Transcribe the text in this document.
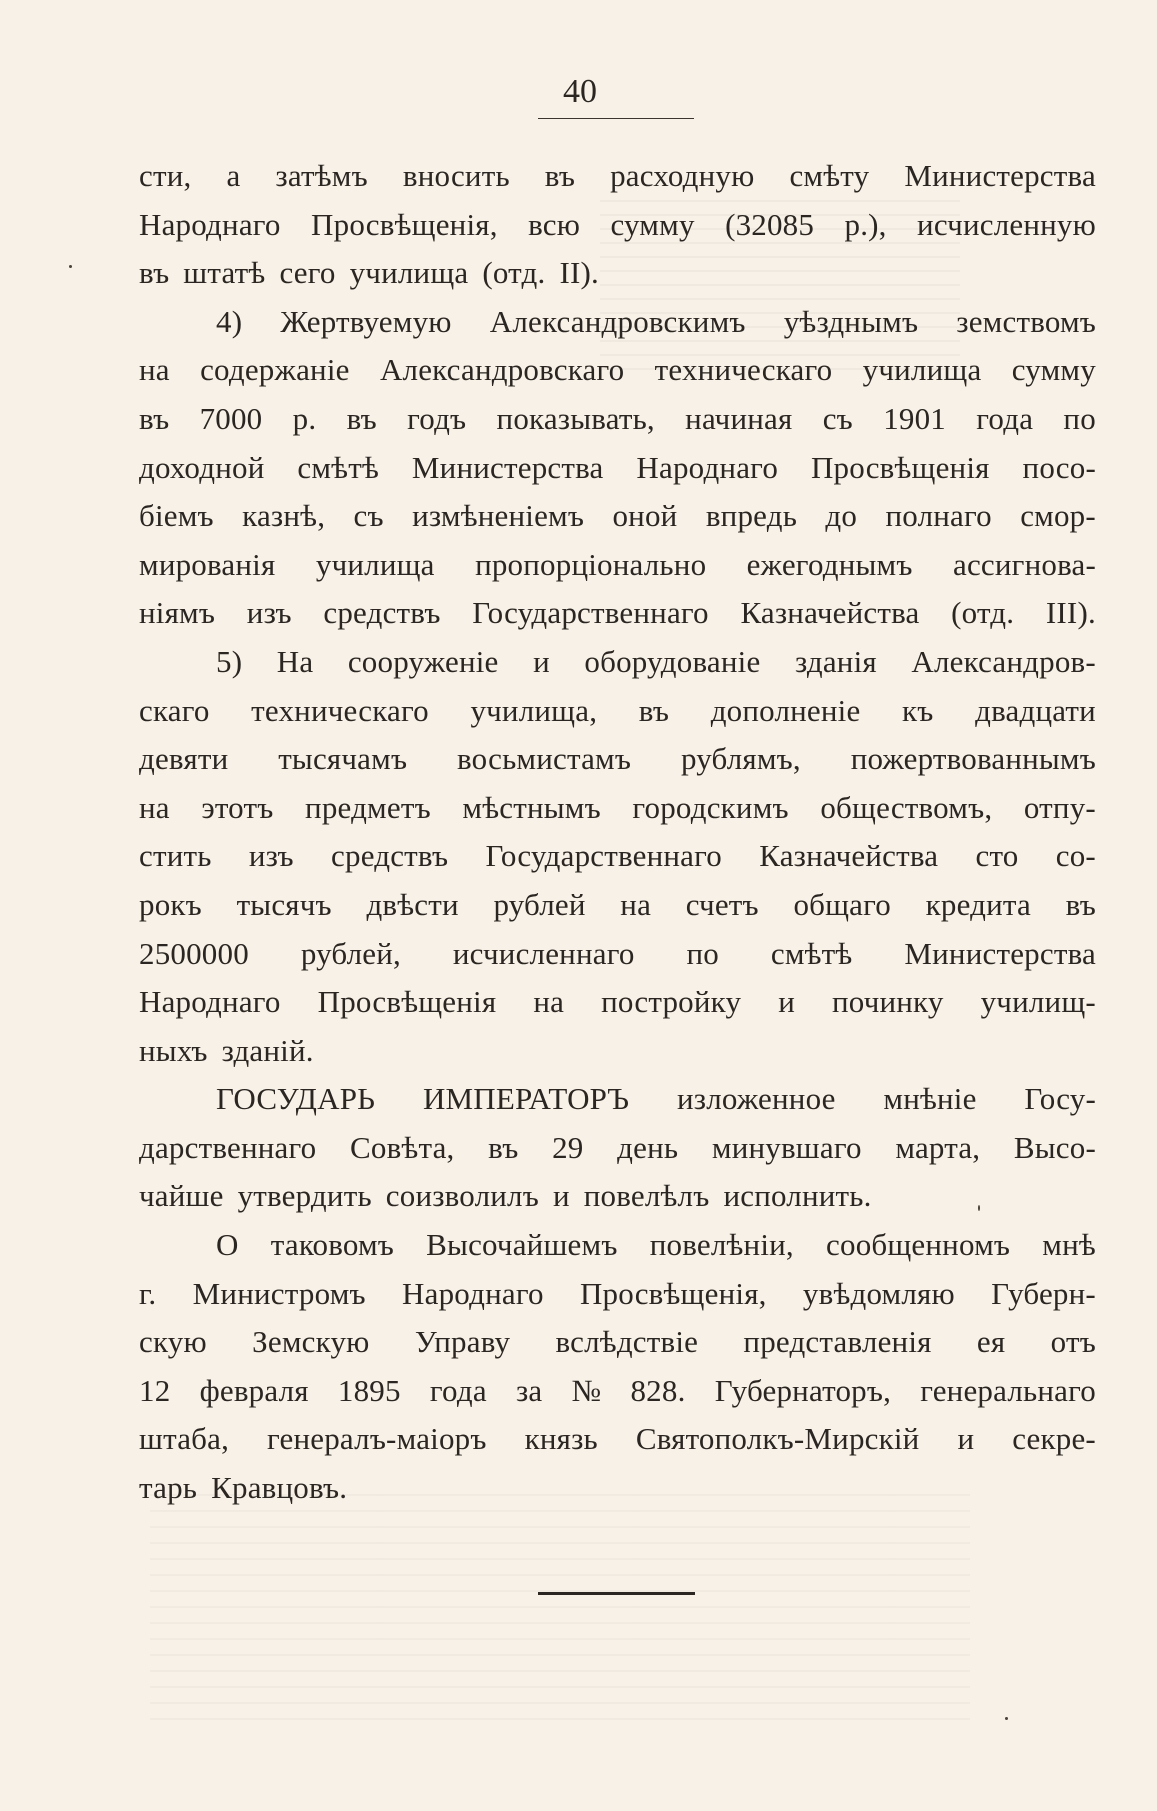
40
сти, а затѣмъ вносить въ расходную смѣту Министерства
Народнаго Просвѣщенія, всю сумму (32085 р.), исчисленную
въ штатѣ сего училища (отд. II).
4) Жертвуемую Александровскимъ уѣзднымъ земствомъ
на содержаніе Александровскаго техническаго училища сумму
въ 7000 р. въ годъ показывать, начиная съ 1901 года по
доходной смѣтѣ Министерства Народнаго Просвѣщенія посо-
біемъ казнѣ, съ измѣненіемъ оной впредь до полнаго смор-
мированія училища пропорціонально ежегоднымъ ассигнова-
ніямъ изъ средствъ Государственнаго Казначейства (отд. III).
5) На сооруженіе и оборудованіе зданія Александров-
скаго техническаго училища, въ дополненіе къ двадцати
девяти тысячамъ восьмистамъ рублямъ, пожертвованнымъ
на этотъ предметъ мѣстнымъ городскимъ обществомъ, отпу-
стить изъ средствъ Государственнаго Казначейства сто со-
рокъ тысячъ двѣсти рублей на счетъ общаго кредита въ
2500000 рублей, исчисленнаго по смѣтѣ Министерства
Народнаго Просвѣщенія на постройку и починку училищ-
ныхъ зданій.
ГОСУДАРЬ ИМПЕРАТОРЪ изложенное мнѣніе Госу-
дарственнаго Совѣта, въ 29 день минувшаго марта, Высо-
чайше утвердить соизволилъ и повелѣлъ исполнить.
О таковомъ Высочайшемъ повелѣніи, сообщенномъ мнѣ
г. Министромъ Народнаго Просвѣщенія, увѣдомляю Губерн-
скую Земскую Управу вслѣдствіе представленія ея отъ
12 февраля 1895 года за № 828. Губернаторъ, генеральнаго
штаба, генералъ-маіоръ князь Святополкъ-Мирскій и секре-
тарь Кравцовъ.
